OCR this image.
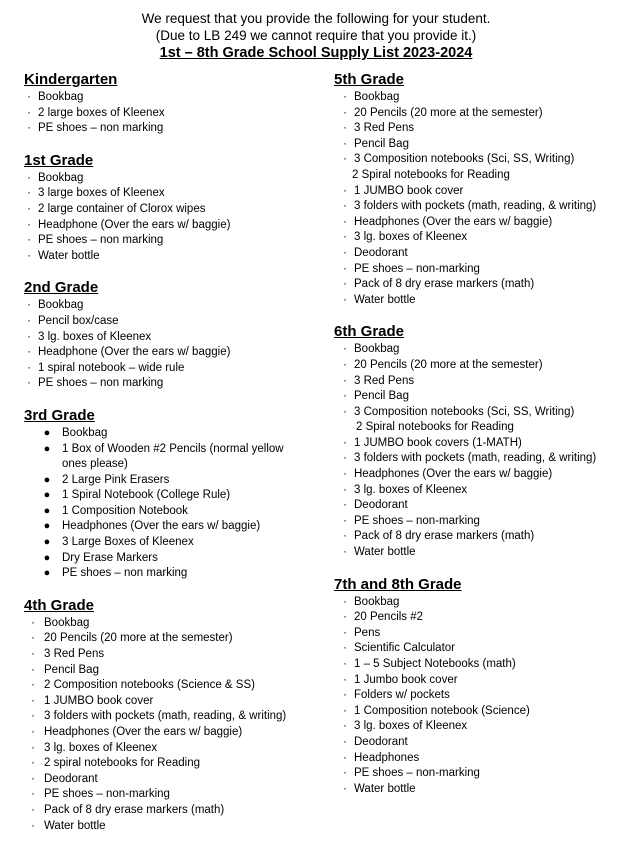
We request that you provide the following for your student.
(Due to LB 249 we cannot require that you provide it.)
1st – 8th Grade School Supply List 2023-2024
Kindergarten
· Bookbag
· 2 large boxes of Kleenex
· PE shoes – non marking
1st Grade
· Bookbag
· 3 large boxes of Kleenex
· 2 large container of Clorox wipes
· Headphone (Over the ears w/ baggie)
· PE shoes – non marking
· Water bottle
2nd Grade
· Bookbag
· Pencil box/case
· 3 lg. boxes of Kleenex
· Headphone (Over the ears w/ baggie)
· 1 spiral notebook – wide rule
· PE shoes – non marking
3rd Grade
● Bookbag
● 1 Box of Wooden #2 Pencils (normal yellow ones please)
● 2 Large Pink Erasers
● 1 Spiral Notebook (College Rule)
● 1 Composition Notebook
● Headphones (Over the ears w/ baggie)
● 3 Large Boxes of Kleenex
● Dry Erase Markers
● PE shoes – non marking
4th Grade
· Bookbag
· 20 Pencils (20 more at the semester)
· 3 Red Pens
· Pencil Bag
· 2 Composition notebooks (Science & SS)
· 1 JUMBO book cover
· 3 folders with pockets (math, reading, & writing)
· Headphones (Over the ears w/ baggie)
· 3 lg. boxes of Kleenex
· 2 spiral notebooks for Reading
· Deodorant
· PE shoes – non-marking
· Pack of 8 dry erase markers (math)
· Water bottle
5th Grade
· Bookbag
· 20 Pencils (20 more at the semester)
· 3 Red Pens
· Pencil Bag
· 3 Composition notebooks (Sci, SS, Writing)
2 Spiral notebooks for Reading
· 1 JUMBO book cover
· 3 folders with pockets (math, reading, & writing)
· Headphones (Over the ears w/ baggie)
· 3 lg. boxes of Kleenex
· Deodorant
· PE shoes – non-marking
· Pack of 8 dry erase markers (math)
· Water bottle
6th Grade
· Bookbag
· 20 Pencils (20 more at the semester)
· 3 Red Pens
· Pencil Bag
· 3 Composition notebooks (Sci, SS, Writing)
2 Spiral notebooks for Reading
· 1 JUMBO book covers (1-MATH)
· 3 folders with pockets (math, reading, & writing)
· Headphones (Over the ears w/ baggie)
· 3 lg. boxes of Kleenex
· Deodorant
· PE shoes – non-marking
· Pack of 8 dry erase markers (math)
· Water bottle
7th and 8th Grade
· Bookbag
· 20 Pencils #2
· Pens
· Scientific Calculator
· 1 – 5 Subject Notebooks (math)
· 1 Jumbo book cover
· Folders w/ pockets
· 1 Composition notebook (Science)
· 3 lg. boxes of Kleenex
· Deodorant
· Headphones
· PE shoes – non-marking
· Water bottle
